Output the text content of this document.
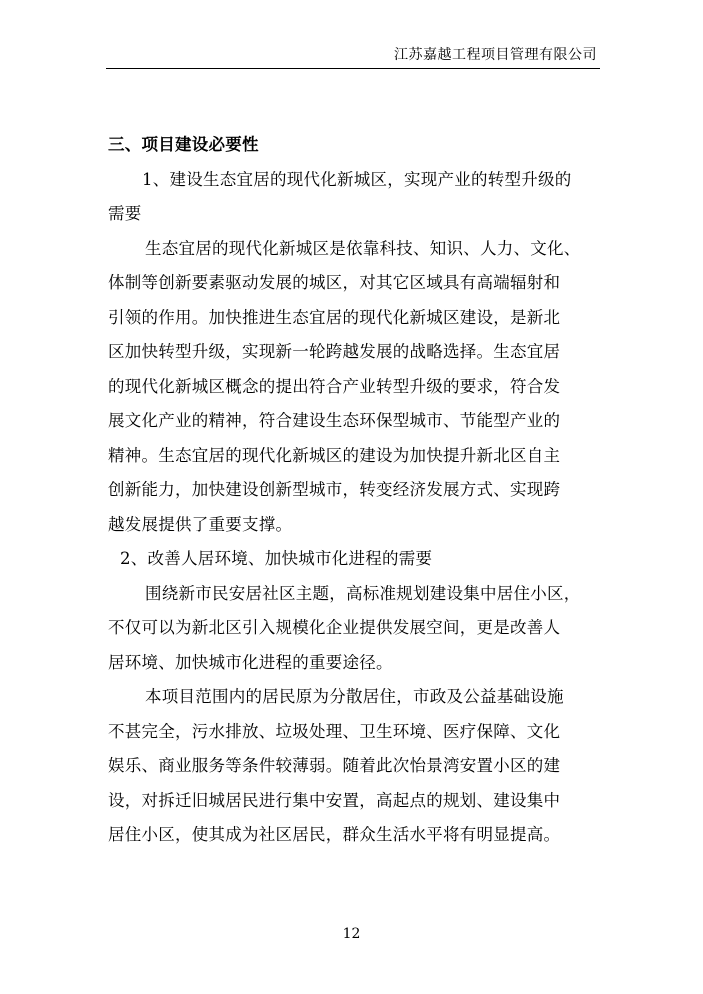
江苏嘉越工程项目管理有限公司
三、项目建设必要性
1、建设生态宜居的现代化新城区，实现产业的转型升级的
需要
生态宜居的现代化新城区是依靠科技、知识、人力、文化、
体制等创新要素驱动发展的城区，对其它区域具有高端辐射和
引领的作用。加快推进生态宜居的现代化新城区建设，是新北
区加快转型升级，实现新一轮跨越发展的战略选择。生态宜居
的现代化新城区概念的提出符合产业转型升级的要求，符合发
展文化产业的精神，符合建设生态环保型城市、节能型产业的
精神。生态宜居的现代化新城区的建设为加快提升新北区自主
创新能力，加快建设创新型城市，转变经济发展方式、实现跨
越发展提供了重要支撑。
2、改善人居环境、加快城市化进程的需要
围绕新市民安居社区主题，高标准规划建设集中居住小区，
不仅可以为新北区引入规模化企业提供发展空间，更是改善人
居环境、加快城市化进程的重要途径。
本项目范围内的居民原为分散居住，市政及公益基础设施
不甚完全，污水排放、垃圾处理、卫生环境、医疗保障、文化
娱乐、商业服务等条件较薄弱。随着此次怡景湾安置小区的建
设，对拆迁旧城居民进行集中安置，高起点的规划、建设集中
居住小区，使其成为社区居民，群众生活水平将有明显提高。
12
